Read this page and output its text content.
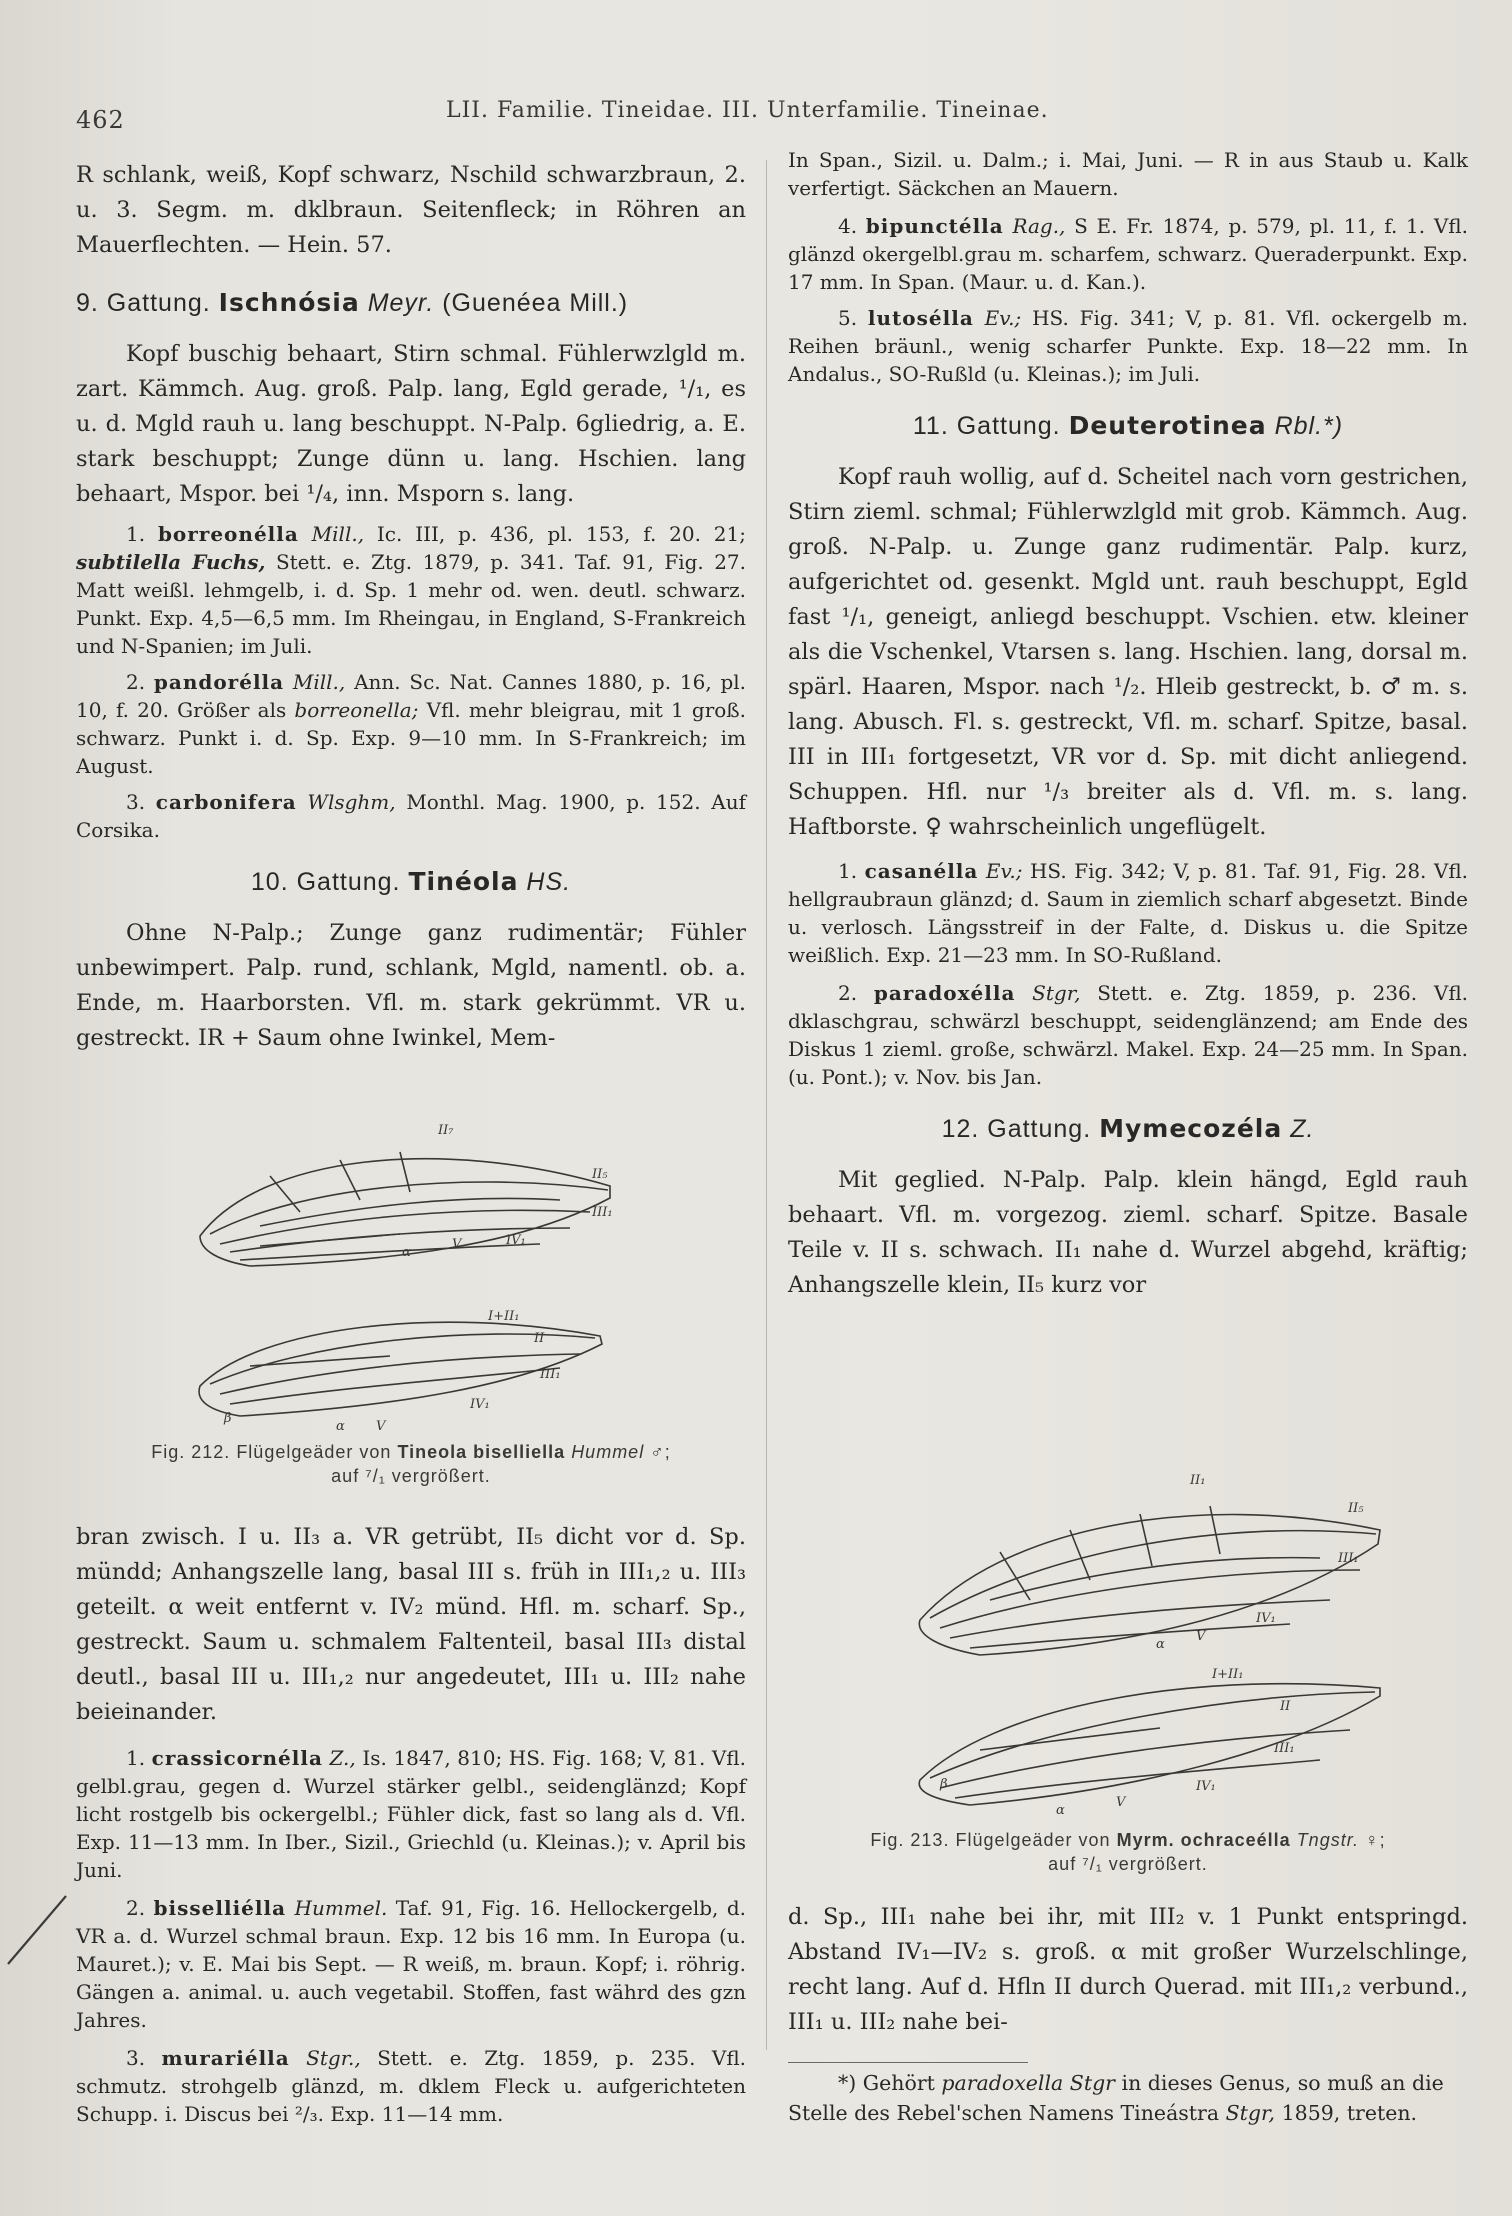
462	LII. Familie. Tineidae. III. Unterfamilie. Tineinae.

R schlank, weiß, Kopf schwarz, Nschild schwarzbraun, 2. u. 3. Segm. m. dklbraun. Seitenfleck; in Röhren an Mauerflechten. — Hein. 57.

9. Gattung. Ischnósia Meyr. (Guenéea Mill.)

Kopf buschig behaart, Stirn schmal. Fühlerwzlgld m. zart. Kämmch. Aug. groß. Palp. lang, Egld gerade, ¹/₁, es u. d. Mgld rauh u. lang beschuppt. N-Palp. 6gliedrig, a. E. stark beschuppt; Zunge dünn u. lang. Hschien. lang behaart, Mspor. bei ¹/₄, inn. Msporn s. lang.

1. borreonélla Mill., Ic. III, p. 436, pl. 153, f. 20. 21; subtilella Fuchs, Stett. e. Ztg. 1879, p. 341. Taf. 91, Fig. 27. Matt weißl. lehmgelb, i. d. Sp. 1 mehr od. wen. deutl. schwarz. Punkt. Exp. 4,5—6,5 mm. Im Rheingau, in England, S-Frankreich und N-Spanien; im Juli.

2. pandorélla Mill., Ann. Sc. Nat. Cannes 1880, p. 16, pl. 10, f. 20. Größer als borreonella; Vfl. mehr bleigrau, mit 1 groß. schwarz. Punkt i. d. Sp. Exp. 9—10 mm. In S-Frankreich; im August.

3. carbonifera Wlsghm, Monthl. Mag. 1900, p. 152. Auf Corsika.

10. Gattung. Tinéola HS.

Ohne N-Palp.; Zunge ganz rudimentär; Fühler unbewimpert. Palp. rund, schlank, Mgld, namentl. ob. a. Ende, m. Haarborsten. Vfl. m. stark gekrümmt. VR u. gestreckt. IR + Saum ohne Iwinkel, Mem-

II₇
II₅
III₁
α
V	IV₁
I+II₁
II
III₁
IV₁
β
α V
Fig. 212. Flügelgeäder von Tineola biselliella Hummel ♂;
auf ⁷/₁ vergrößert.

bran zwisch. I u. II₃ a. VR getrübt, II₅ dicht vor d. Sp. mündd; Anhangszelle lang, basal III s. früh in III₁,₂ u. III₃ geteilt. α weit entfernt v. IV₂ münd. Hfl. m. scharf. Sp., gestreckt. Saum u. schmalem Faltenteil, basal III₃ distal deutl., basal III u. III₁,₂ nur angedeutet, III₁ u. III₂ nahe beieinander.

1. crassicornélla Z., Is. 1847, 810; HS. Fig. 168; V, 81. Vfl. gelbl.grau, gegen d. Wurzel stärker gelbl., seidenglänzd; Kopf licht rostgelb bis ockergelbl.; Fühler dick, fast so lang als d. Vfl. Exp. 11—13 mm. In Iber., Sizil., Griechld (u. Kleinas.); v. April bis Juni.

2. bisselliélla Hummel. Taf. 91, Fig. 16. Hellockergelb, d. VR a. d. Wurzel schmal braun. Exp. 12 bis 16 mm. In Europa (u. Mauret.); v. E. Mai bis Sept. — R weiß, m. braun. Kopf; i. röhrig. Gängen a. animal. u. auch vegetabil. Stoffen, fast währd des gzn Jahres.

3. murariélla Stgr., Stett. e. Ztg. 1859, p. 235. Vfl. schmutz. strohgelb glänzd, m. dklem Fleck u. aufgerichteten Schupp. i. Discus bei ²/₃. Exp. 11—14 mm.

In Span., Sizil. u. Dalm.; i. Mai, Juni. — R in aus Staub u. Kalk verfertigt. Säckchen an Mauern.

4. bipunctélla Rag., S E. Fr. 1874, p. 579, pl. 11, f. 1. Vfl. glänzd okergelbl.grau m. scharfem, schwarz. Queraderpunkt. Exp. 17 mm. In Span. (Maur. u. d. Kan.).

5. lutosélla Ev.; HS. Fig. 341; V, p. 81. Vfl. ockergelb m. Reihen bräunl., wenig scharfer Punkte. Exp. 18—22 mm. In Andalus., SO-Rußld (u. Kleinas.); im Juli.

11. Gattung. Deuterotinea Rbl.*)

Kopf rauh wollig, auf d. Scheitel nach vorn gestrichen, Stirn zieml. schmal; Fühlerwzlgld mit grob. Kämmch. Aug. groß. N-Palp. u. Zunge ganz rudimentär. Palp. kurz, aufgerichtet od. gesenkt. Mgld unt. rauh beschuppt, Egld fast ¹/₁, geneigt, anliegd beschuppt. Vschien. etw. kleiner als die Vschenkel, Vtarsen s. lang. Hschien. lang, dorsal m. spärl. Haaren, Mspor. nach ¹/₂. Hleib gestreckt, b. ♂ m. s. lang. Abusch. Fl. s. gestreckt, Vfl. m. scharf. Spitze, basal. III in III₁ fortgesetzt, VR vor d. Sp. mit dicht anliegend. Schuppen. Hfl. nur ¹/₃ breiter als d. Vfl. m. s. lang. Haftborste. ♀ wahrscheinlich ungeflügelt.

1. casanélla Ev.; HS. Fig. 342; V, p. 81. Taf. 91, Fig. 28. Vfl. hellgraubraun glänzd; d. Saum in ziemlich scharf abgesetzt. Binde u. verlosch. Längsstreif in der Falte, d. Diskus u. die Spitze weißlich. Exp. 21—23 mm. In SO-Rußland.

2. paradoxélla Stgr, Stett. e. Ztg. 1859, p. 236. Vfl. dklaschgrau, schwärzl beschuppt, seidenglänzend; am Ende des Diskus 1 zieml. große, schwärzl. Makel. Exp. 24—25 mm. In Span. (u. Pont.); v. Nov. bis Jan.

12. Gattung. Mymecozéla Z.

Mit geglied. N-Palp. Palp. klein hängd, Egld rauh behaart. Vfl. m. vorgezog. zieml. scharf. Spitze. Basale Teile v. II s. schwach. II₁ nahe d. Wurzel abgehd, kräftig; Anhangszelle klein, II₅ kurz vor

II₁
II₅
III₁
IV₁
α
V
I+II₁
II
III₁
IV₁
β
α
V
Fig. 213. Flügelgeäder von Myrm. ochraceélla Tngstr. ♀;
auf ⁷/₁ vergrößert.

d. Sp., III₁ nahe bei ihr, mit III₂ v. 1 Punkt entspringd. Abstand IV₁—IV₂ s. groß. α mit großer Wurzelschlinge, recht lang. Auf d. Hfln II durch Querad. mit III₁,₂ verbund., III₁ u. III₂ nahe bei-

*) Gehört paradoxella Stgr in dieses Genus, so muß an die Stelle des Rebel'schen Namens Tineástra Stgr, 1859, treten.
